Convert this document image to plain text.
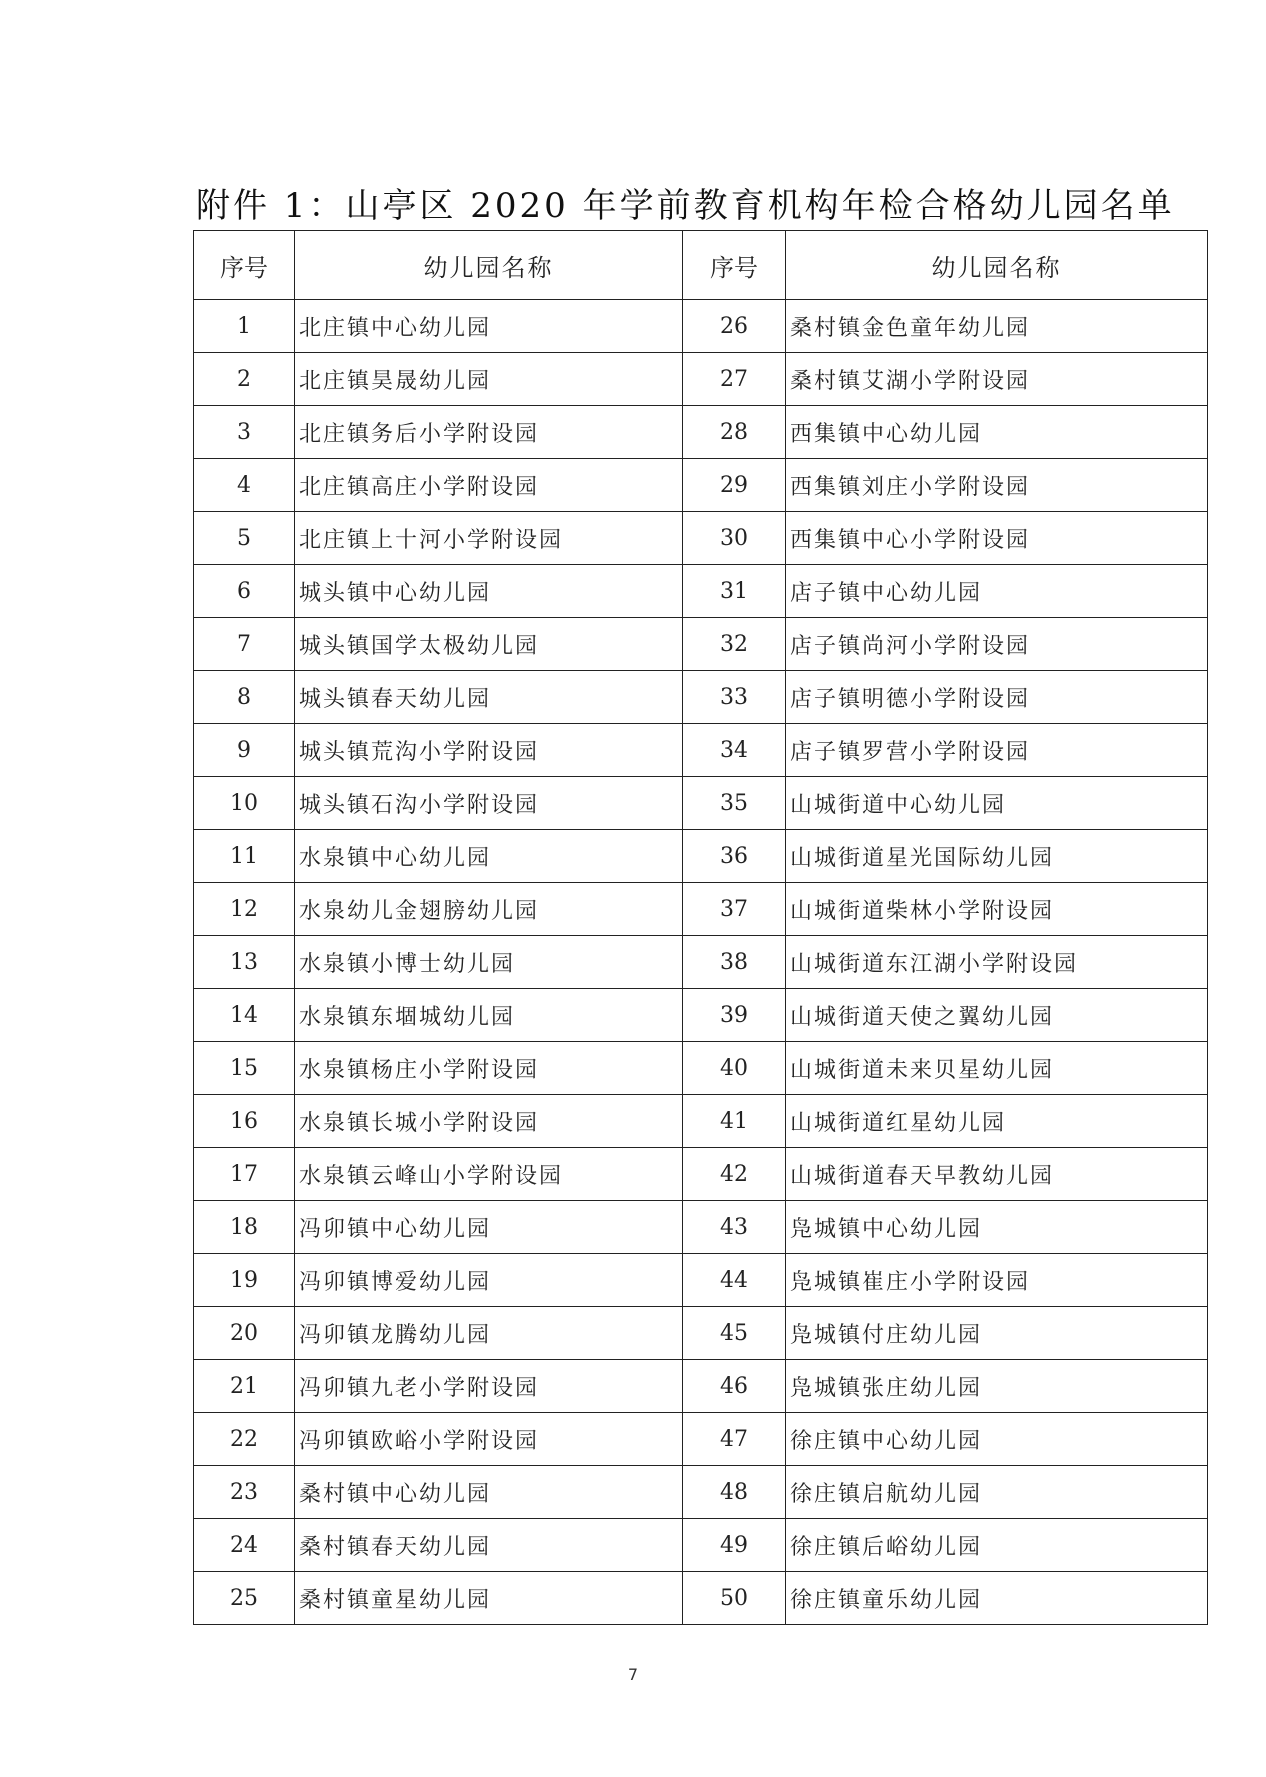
附件 1：山亭区 2020 年学前教育机构年检合格幼儿园名单
序号	幼儿园名称	序号	幼儿园名称
1	北庄镇中心幼儿园	26	桑村镇金色童年幼儿园
2	北庄镇昊晟幼儿园	27	桑村镇艾湖小学附设园
3	北庄镇务后小学附设园	28	西集镇中心幼儿园
4	北庄镇高庄小学附设园	29	西集镇刘庄小学附设园
5	北庄镇上十河小学附设园	30	西集镇中心小学附设园
6	城头镇中心幼儿园	31	店子镇中心幼儿园
7	城头镇国学太极幼儿园	32	店子镇尚河小学附设园
8	城头镇春天幼儿园	33	店子镇明德小学附设园
9	城头镇荒沟小学附设园	34	店子镇罗营小学附设园
10	城头镇石沟小学附设园	35	山城街道中心幼儿园
11	水泉镇中心幼儿园	36	山城街道星光国际幼儿园
12	水泉幼儿金翅膀幼儿园	37	山城街道柴林小学附设园
13	水泉镇小博士幼儿园	38	山城街道东江湖小学附设园
14	水泉镇东堌城幼儿园	39	山城街道天使之翼幼儿园
15	水泉镇杨庄小学附设园	40	山城街道未来贝星幼儿园
16	水泉镇长城小学附设园	41	山城街道红星幼儿园
17	水泉镇云峰山小学附设园	42	山城街道春天早教幼儿园
18	冯卯镇中心幼儿园	43	凫城镇中心幼儿园
19	冯卯镇博爱幼儿园	44	凫城镇崔庄小学附设园
20	冯卯镇龙腾幼儿园	45	凫城镇付庄幼儿园
21	冯卯镇九老小学附设园	46	凫城镇张庄幼儿园
22	冯卯镇欧峪小学附设园	47	徐庄镇中心幼儿园
23	桑村镇中心幼儿园	48	徐庄镇启航幼儿园
24	桑村镇春天幼儿园	49	徐庄镇后峪幼儿园
25	桑村镇童星幼儿园	50	徐庄镇童乐幼儿园
7
